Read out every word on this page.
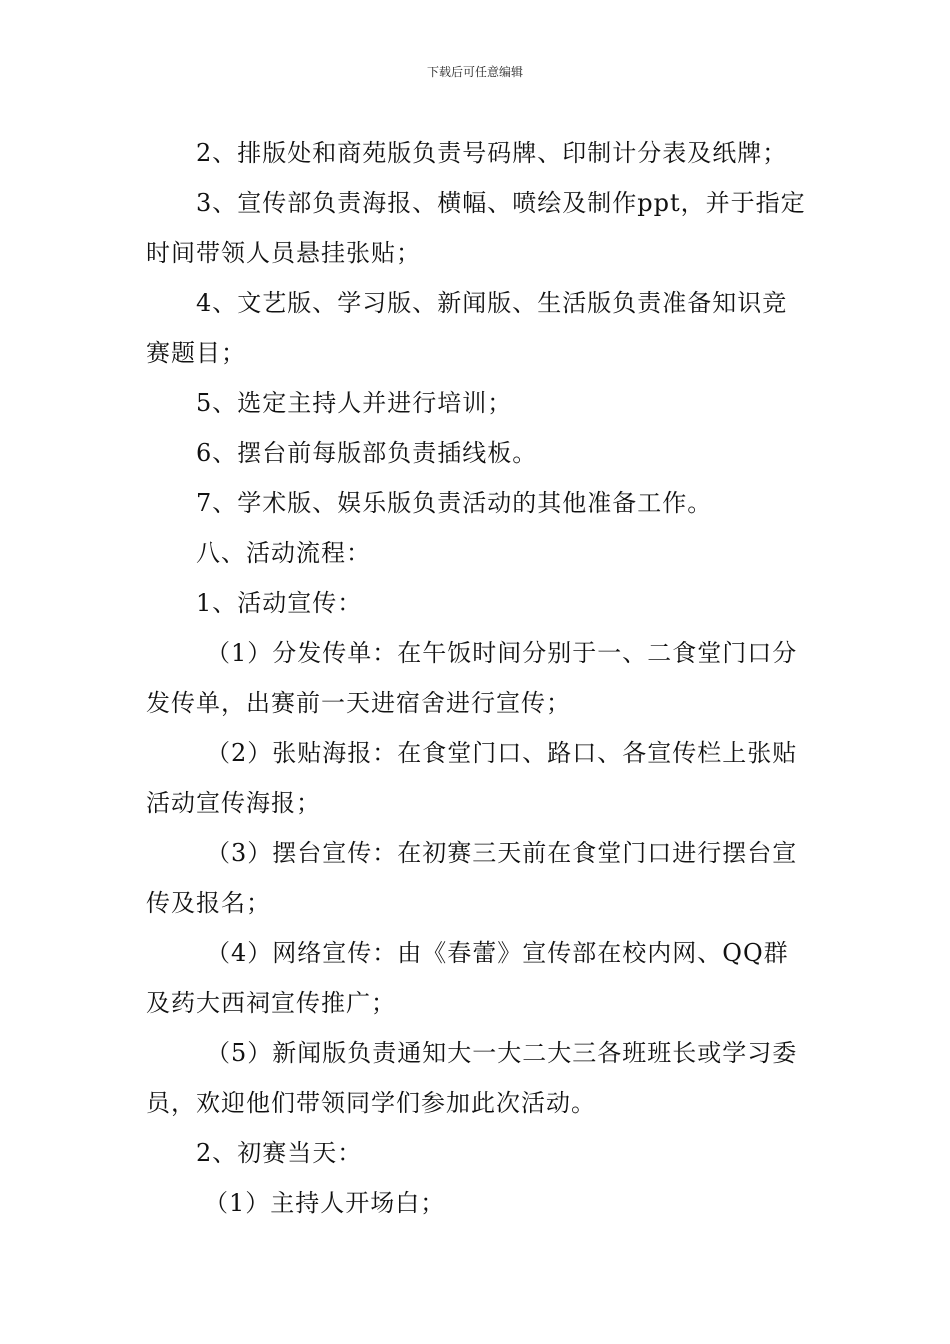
下载后可任意编辑

2、排版处和商苑版负责号码牌、印制计分表及纸牌；

3、宣传部负责海报、横幅、喷绘及制作ppt，并于指定时间带领人员悬挂张贴；

4、文艺版、学习版、新闻版、生活版负责准备知识竞赛题目；

5、选定主持人并进行培训；

6、摆台前每版部负责插线板。

7、学术版、娱乐版负责活动的其他准备工作。

八、活动流程：

1、活动宣传：

（1）分发传单：在午饭时间分别于一、二食堂门口分发传单，出赛前一天进宿舍进行宣传；

（2）张贴海报：在食堂门口、路口、各宣传栏上张贴活动宣传海报；

（3）摆台宣传：在初赛三天前在食堂门口进行摆台宣传及报名；

（4）网络宣传：由《春蕾》宣传部在校内网、QQ群及药大西祠宣传推广；

（5）新闻版负责通知大一大二大三各班班长或学习委员，欢迎他们带领同学们参加此次活动。

2、初赛当天：

（1）主持人开场白；
